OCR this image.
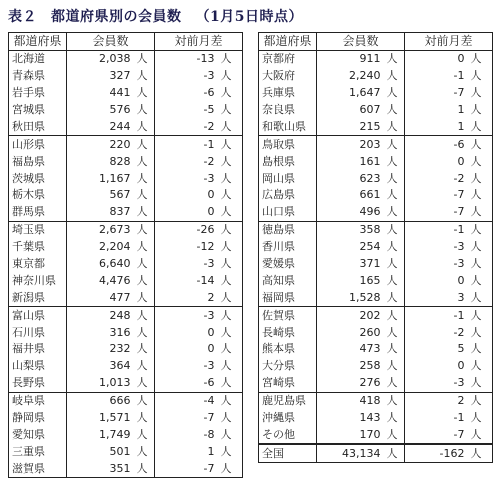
表２ 都道府県別の会員数 （1月5日時点）
都道府県	会員数		対前月差	
北海道	2,038	人	-13	人
青森県	327	人	-3	人
岩手県	441	人	-6	人
宮城県	576	人	-5	人
秋田県	244	人	-2	人
山形県	220	人	-1	人
福島県	828	人	-2	人
茨城県	1,167	人	-3	人
栃木県	567	人	0	人
群馬県	837	人	0	人
埼玉県	2,673	人	-26	人
千葉県	2,204	人	-12	人
東京都	6,640	人	-3	人
神奈川県	4,476	人	-14	人
新潟県	477	人	2	人
富山県	248	人	-3	人
石川県	316	人	0	人
福井県	232	人	0	人
山梨県	364	人	-3	人
長野県	1,013	人	-6	人
岐阜県	666	人	-4	人
静岡県	1,571	人	-7	人
愛知県	1,749	人	-8	人
三重県	501	人	1	人
滋賀県	351	人	-7	人
都道府県	会員数		対前月差	
京都府	911	人	0	人
大阪府	2,240	人	-1	人
兵庫県	1,647	人	-7	人
奈良県	607	人	1	人
和歌山県	215	人	1	人
鳥取県	203	人	-6	人
島根県	161	人	0	人
岡山県	623	人	-2	人
広島県	661	人	-7	人
山口県	496	人	-7	人
徳島県	358	人	-1	人
香川県	254	人	-3	人
愛媛県	371	人	-3	人
高知県	165	人	0	人
福岡県	1,528	人	3	人
佐賀県	202	人	-1	人
長崎県	260	人	-2	人
熊本県	473	人	5	人
大分県	258	人	0	人
宮崎県	276	人	-3	人
鹿児島県	418	人	2	人
沖縄県	143	人	-1	人
その他	170	人	-7	人
全国	43,134	人	-162	人
